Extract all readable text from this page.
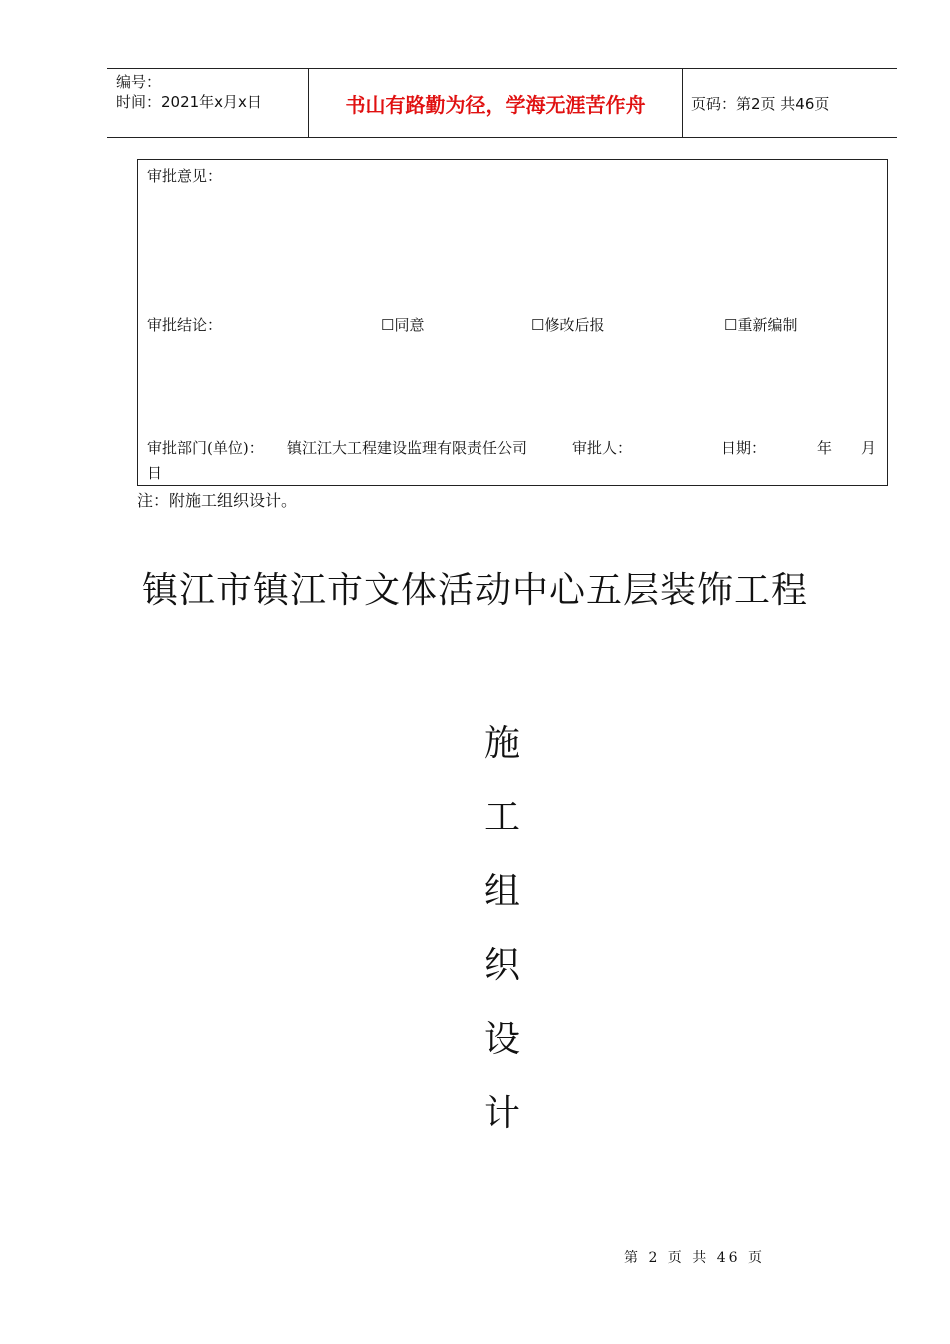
编号：
时间：2021年x月x日	书山有路勤为径，学海无涯苦作舟	页码：第2页 共46页
审批意见：
审批结论：	☐同意	☐修改后报	☐重新编制
审批部门(单位)： 镇江江大工程建设监理有限责任公司	审批人：	日期：	年 月
日
注：附施工组织设计。
镇江市镇江市文体活动中心五层装饰工程
施
工
组
织
设
计
第 2 页 共 46 页
